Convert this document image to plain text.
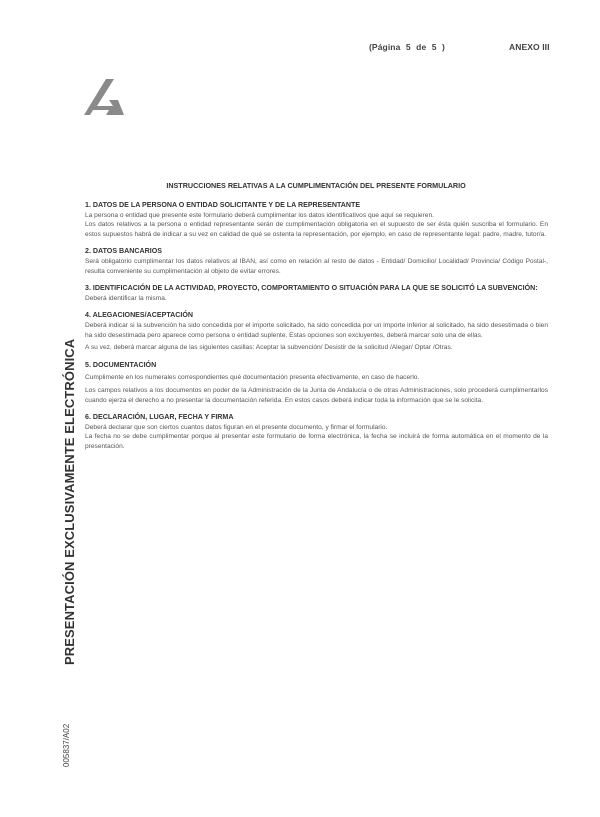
(Página 5 de 5 )	ANEXO III
INSTRUCCIONES RELATIVAS A LA CUMPLIMENTACIÓN DEL PRESENTE FORMULARIO
1. DATOS DE LA PERSONA O ENTIDAD SOLICITANTE Y DE LA REPRESENTANTE
La persona o entidad que presente este formulario deberá cumplimentar los datos identificativos que aquí se requieren.
Los datos relativos a la persona o entidad representante serán de cumplimentación obligatoria en el supuesto de ser ésta quién suscriba el formulario. En estos supuestos habrá de indicar a su vez en calidad de qué se ostenta la representación, por ejemplo, en caso de representante legal: padre, madre, tutor/a.
2. DATOS BANCARIOS
Será obligatorio cumplimentar los datos relativos al IBAN, así como en relación al resto de datos - Entidad/ Domicilio/ Localidad/ Provincia/ Código Postal-, resulta conveniente su cumplimentación al objeto de evitar errores.
3. IDENTIFICACIÓN DE LA ACTIVIDAD, PROYECTO, COMPORTAMIENTO O SITUACIÓN PARA LA QUE SE SOLICITÓ LA SUBVENCIÓN:
Deberá identificar la misma.
4. ALEGACIONES/ACEPTACIÓN
Deberá indicar si la subvención ha sido concedida por el importe solicitado, ha sido concedida por un importe inferior al solicitado, ha sido desestimada o bien ha sido desestimada pero aparece como persona o entidad suplente. Estas opciones son excluyentes, deberá marcar solo una de ellas.
A su vez, deberá marcar alguna de las siguientes casillas: Aceptar la subvención/ Desistir de la solicitud /Alegar/ Optar /Otras.
5. DOCUMENTACIÓN
Cumplimente en los numerales correspondientes qué documentación presenta efectivamente, en caso de hacerlo.
Los campos relativos a los documentos en poder de la Administración de la Junta de Andalucía o de otras Administraciones, solo procederá cumplimentarlos cuando ejerza el derecho a no presentar la documentación referida. En estos casos deberá indicar toda la información que se le solicita.
6. DECLARACIÓN, LUGAR, FECHA Y FIRMA
Deberá declarar que son ciertos cuantos datos figuran en el presente documento, y firmar el formulario.
La fecha no se debe cumplimentar porque al presentar este formulario de forma electrónica, la fecha se incluirá de forma automática en el momento de la presentación.
PRESENTACIÓN EXCLUSIVAMENTE ELECTRÓNICA
005837/A02
